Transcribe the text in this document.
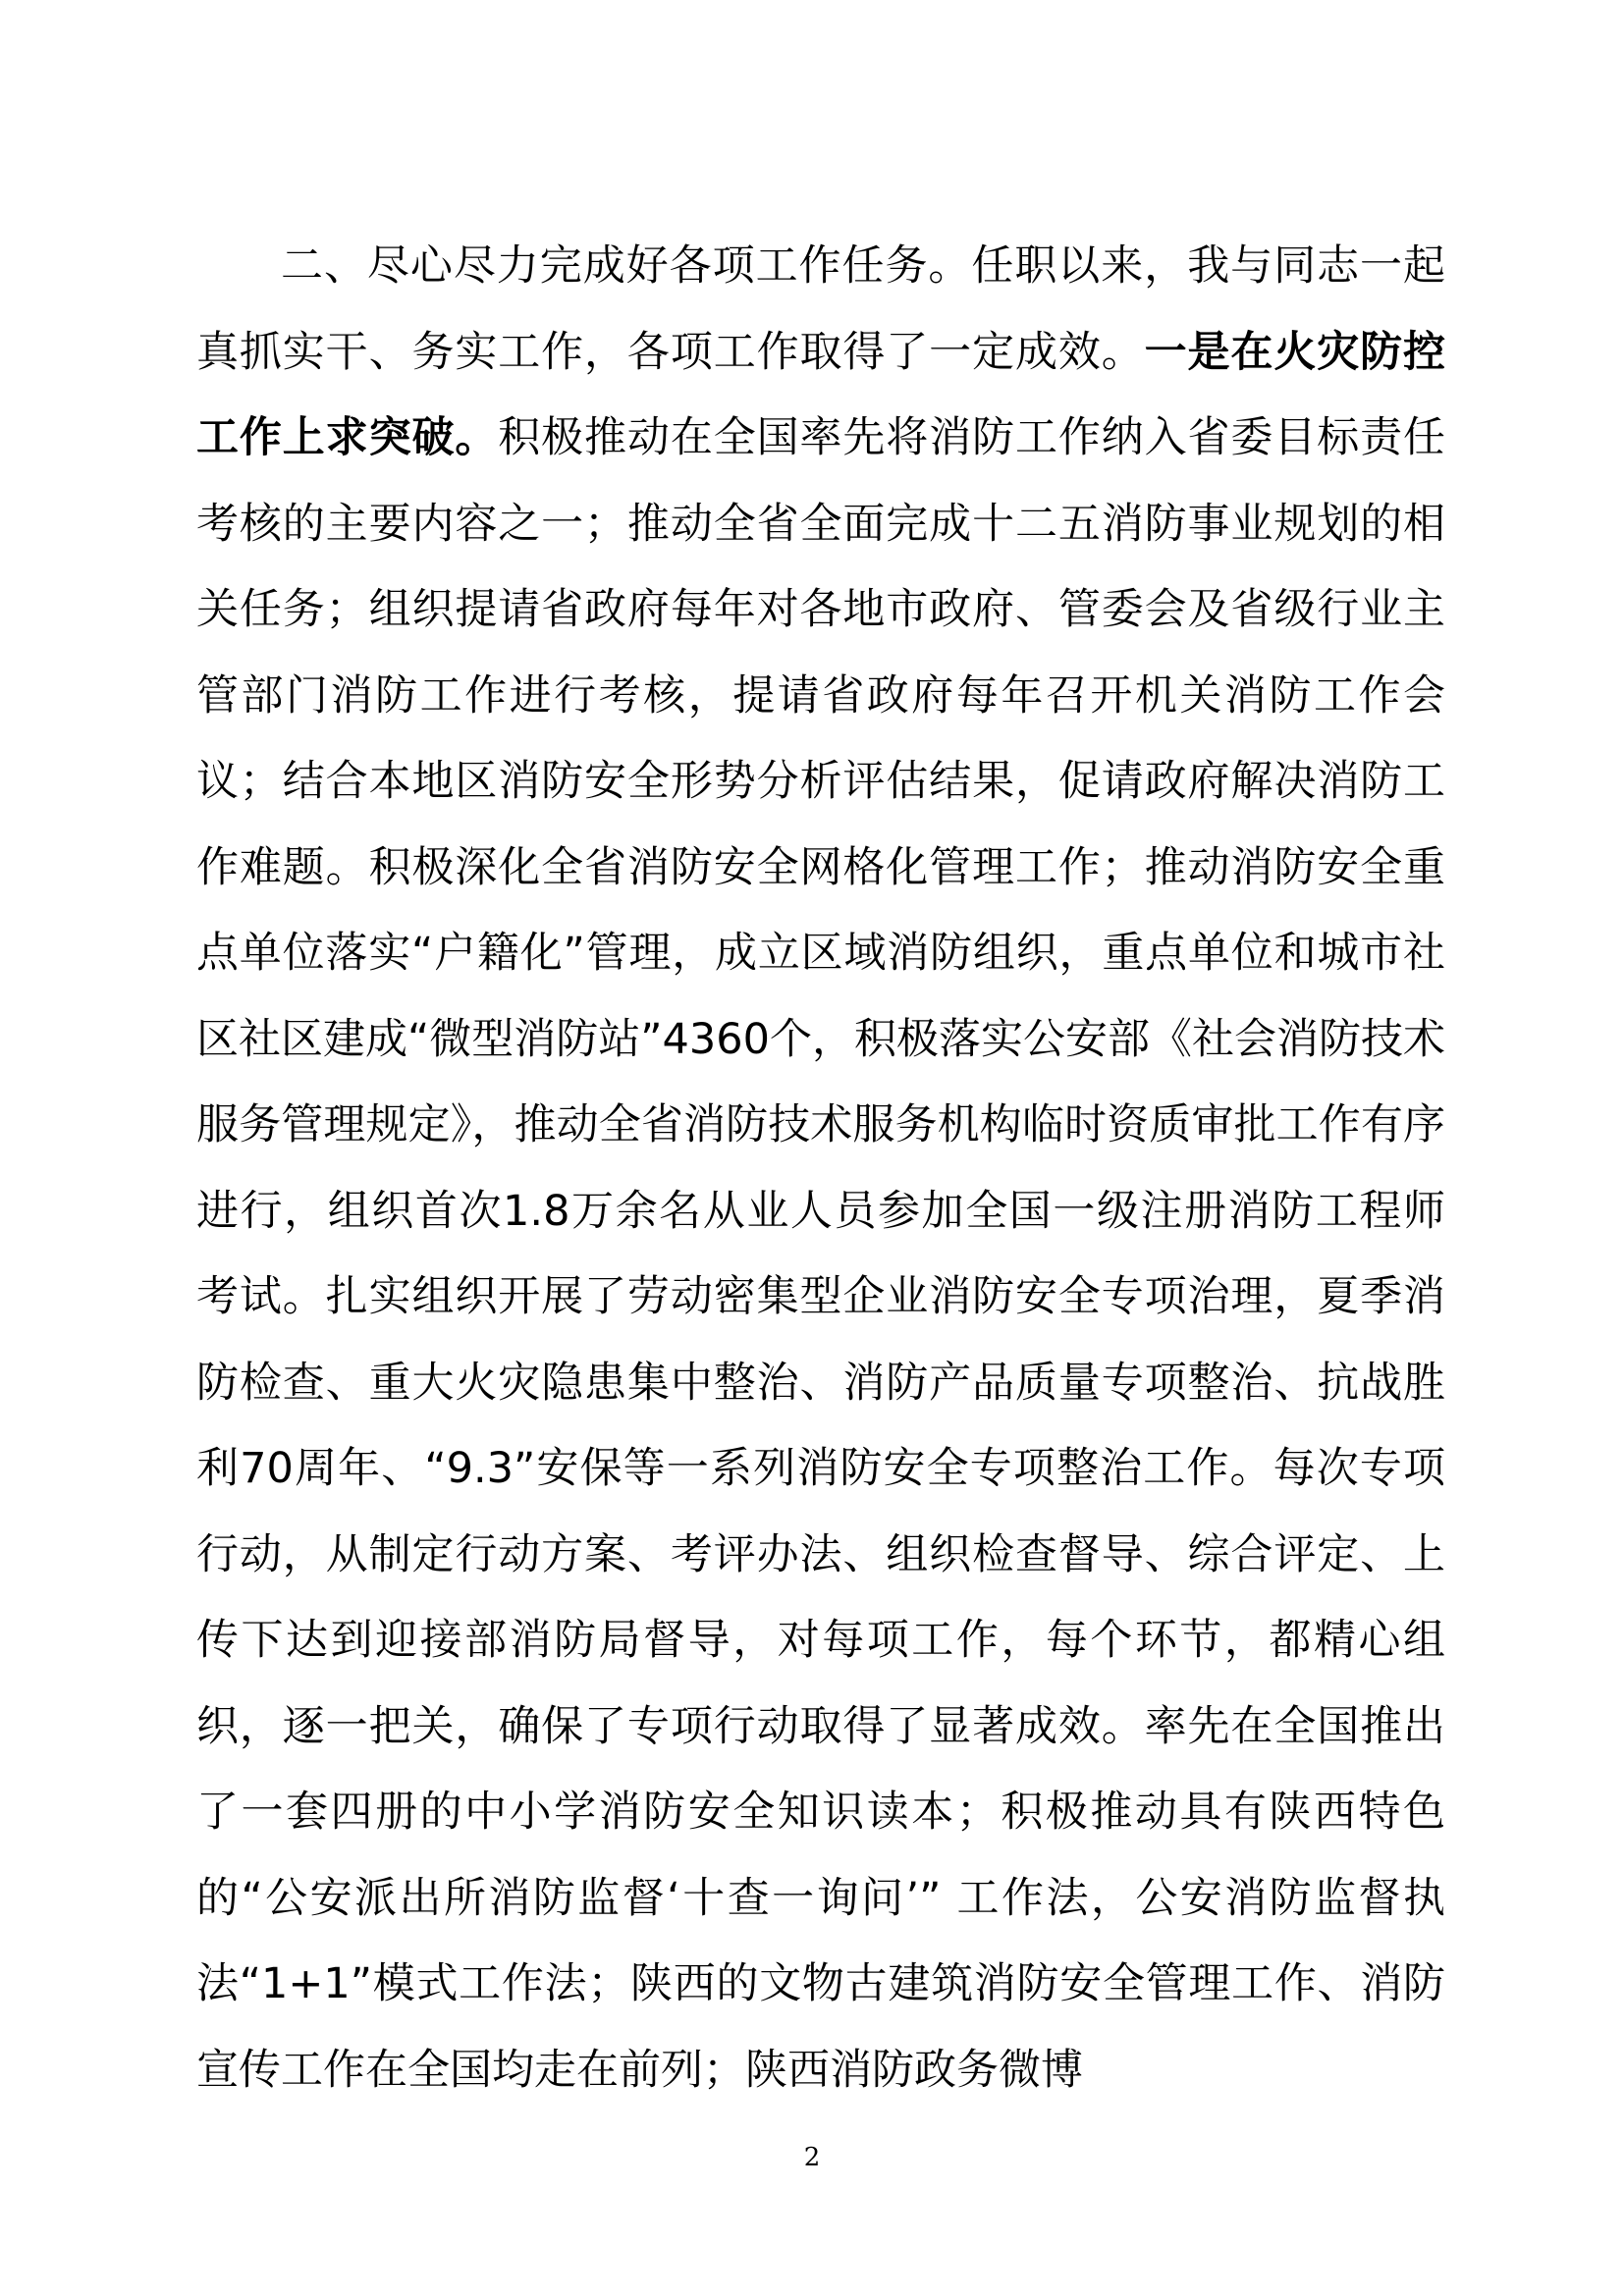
二、尽心尽力完成好各项工作任务。任职以来，我与同志一起真抓实干、务实工作，各项工作取得了一定成效。一是在火灾防控工作上求突破。积极推动在全国率先将消防工作纳入省委目标责任考核的主要内容之一；推动全省全面完成十二五消防事业规划的相关任务；组织提请省政府每年对各地市政府、管委会及省级行业主管部门消防工作进行考核，提请省政府每年召开机关消防工作会议；结合本地区消防安全形势分析评估结果，促请政府解决消防工作难题。积极深化全省消防安全网格化管理工作；推动消防安全重点单位落实“户籍化”管理，成立区域消防组织，重点单位和城市社区社区建成“微型消防站”4360个，积极落实公安部《社会消防技术服务管理规定》，推动全省消防技术服务机构临时资质审批工作有序进行，组织首次1.8万余名从业人员参加全国一级注册消防工程师考试。扎实组织开展了劳动密集型企业消防安全专项治理，夏季消防检查、重大火灾隐患集中整治、消防产品质量专项整治、抗战胜利70周年、“9.3”安保等一系列消防安全专项整治工作。每次专项行动，从制定行动方案、考评办法、组织检查督导、综合评定、上传下达到迎接部消防局督导，对每项工作，每个环节，都精心组织，逐一把关，确保了专项行动取得了显著成效。率先在全国推出了一套四册的中小学消防安全知识读本；积极推动具有陕西特色的“公安派出所消防监督‘十查一询问’” 工作法，公安消防监督执法“1+1”模式工作法；陕西的文物古建筑消防安全管理工作、消防宣传工作在全国均走在前列；陕西消防政务微博

2
